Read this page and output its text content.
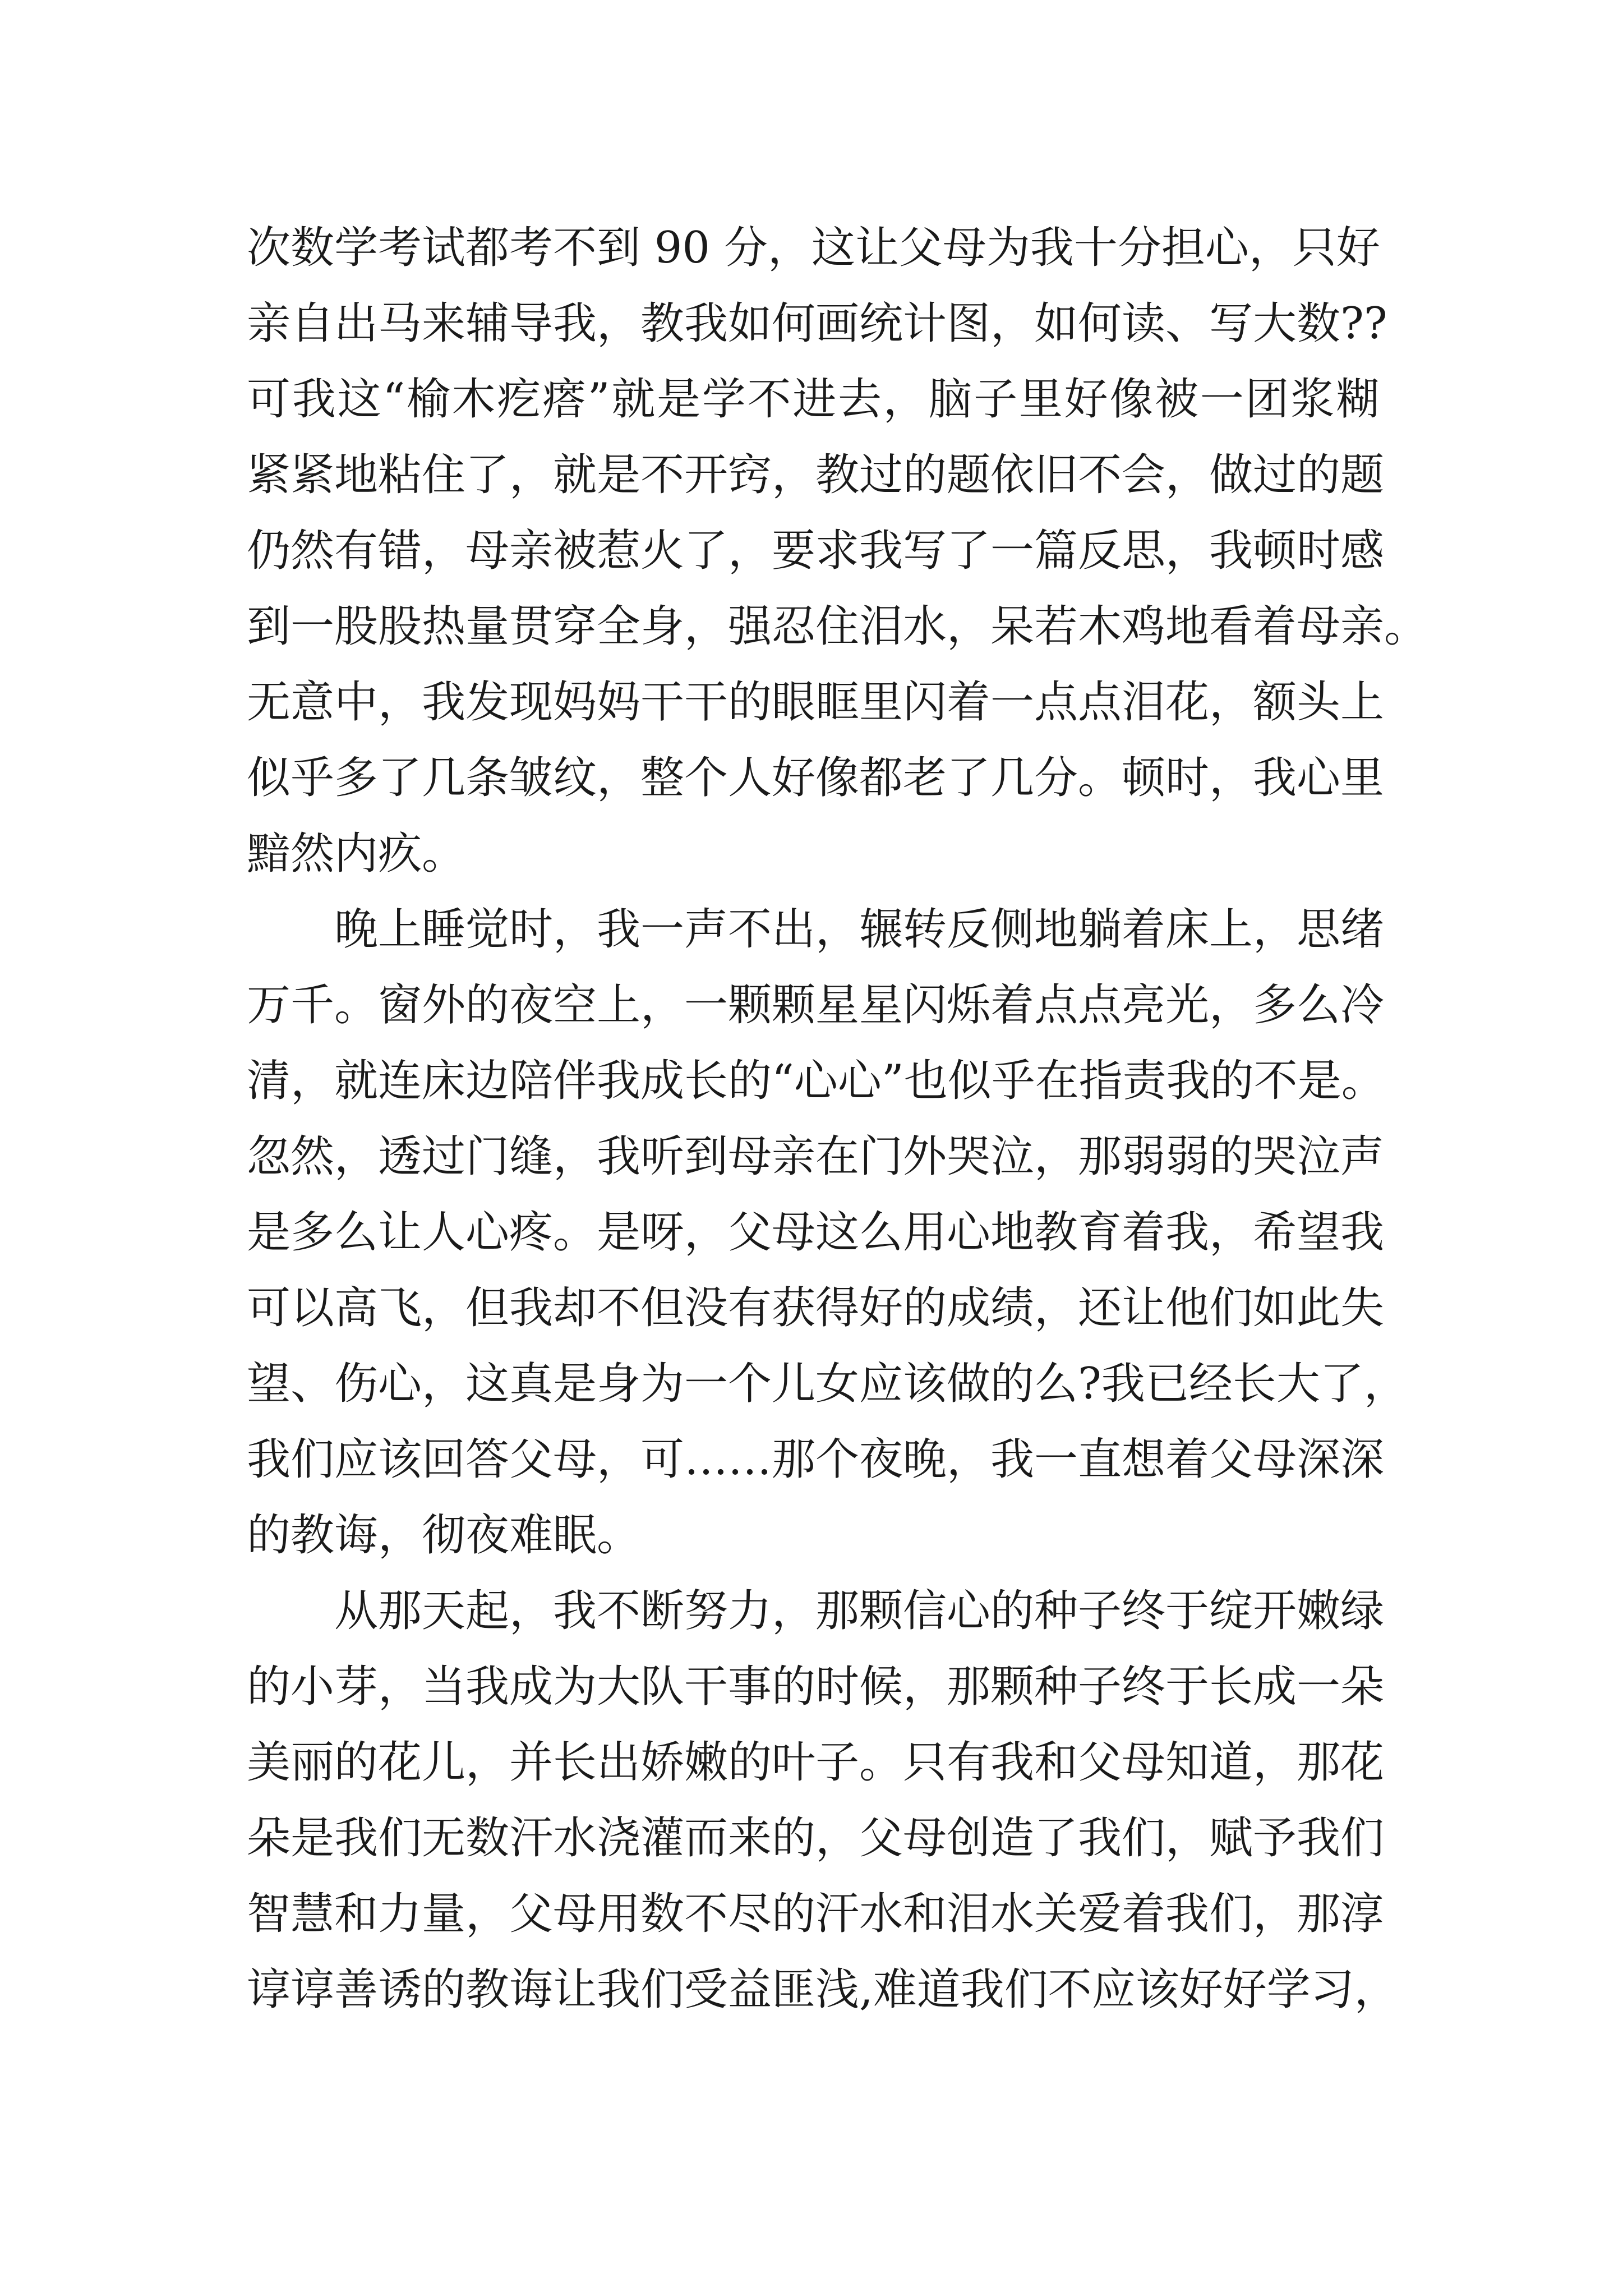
次数学考试都考不到 90 分，这让父母为我十分担心，只好
亲自出马来辅导我，教我如何画统计图，如何读、写大数??
可我这“榆木疙瘩”就是学不进去，脑子里好像被一团浆糊
紧紧地粘住了，就是不开窍，教过的题依旧不会，做过的题
仍然有错，母亲被惹火了，要求我写了一篇反思，我顿时感
到一股股热量贯穿全身，强忍住泪水，呆若木鸡地看着母亲。
无意中，我发现妈妈干干的眼眶里闪着一点点泪花，额头上
似乎多了几条皱纹，整个人好像都老了几分。顿时，我心里
黯然内疚。
晚上睡觉时，我一声不出，辗转反侧地躺着床上，思绪
万千。窗外的夜空上，一颗颗星星闪烁着点点亮光，多么冷
清，就连床边陪伴我成长的“心心”也似乎在指责我的不是。
忽然，透过门缝，我听到母亲在门外哭泣，那弱弱的哭泣声
是多么让人心疼。是呀，父母这么用心地教育着我，希望我
可以高飞，但我却不但没有获得好的成绩，还让他们如此失
望、伤心，这真是身为一个儿女应该做的么?我已经长大了，
我们应该回答父母，可……那个夜晚，我一直想着父母深深
的教诲，彻夜难眠。
从那天起，我不断努力，那颗信心的种子终于绽开嫩绿
的小芽，当我成为大队干事的时候，那颗种子终于长成一朵
美丽的花儿，并长出娇嫩的叶子。只有我和父母知道，那花
朵是我们无数汗水浇灌而来的，父母创造了我们，赋予我们
智慧和力量，父母用数不尽的汗水和泪水关爱着我们，那淳
谆谆善诱的教诲让我们受益匪浅,难道我们不应该好好学习，
